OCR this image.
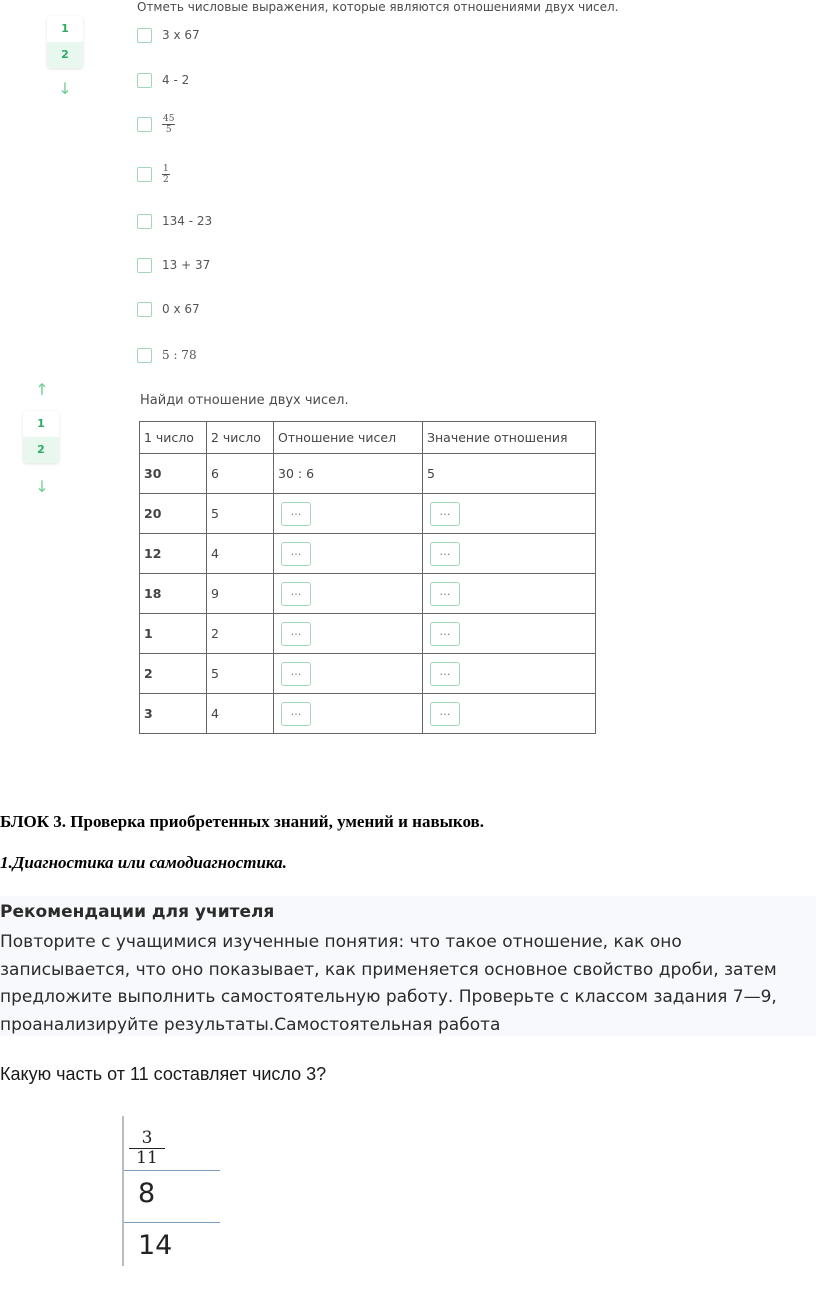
1
2
↓
Отметь числовые выражения, которые являются отношениями двух чисел.
3 х 67
4 - 2
$\frac{45}{5}$
$\frac{1}{2}$
134 - 23
13 + 37
0 х 67
5 : 78
↑
1
2
↓
Найди отношение двух чисел.
1 число	2 число	Отношение чисел	Значение отношения
30	6	30 : 6	5
20	5	…	…
12	4	…	…
18	9	…	…
1	2	…	…
2	5	…	…
3	4	…	…
БЛОК 3. Проверка приобретенных знаний, умений и навыков.
1.Диагностика или самодиагностика.
Рекомендации для учителя
Повторите с учащимися изученные понятия: что такое отношение, как оно записывается, что оно показывает, как применяется основное свойство дроби, затем предложите выполнить самостоятельную работу. Проверьте с классом задания 7—9, проанализируйте результаты.Самостоятельная работа
Какую часть от 11 составляет число 3?
3
11
8
14
